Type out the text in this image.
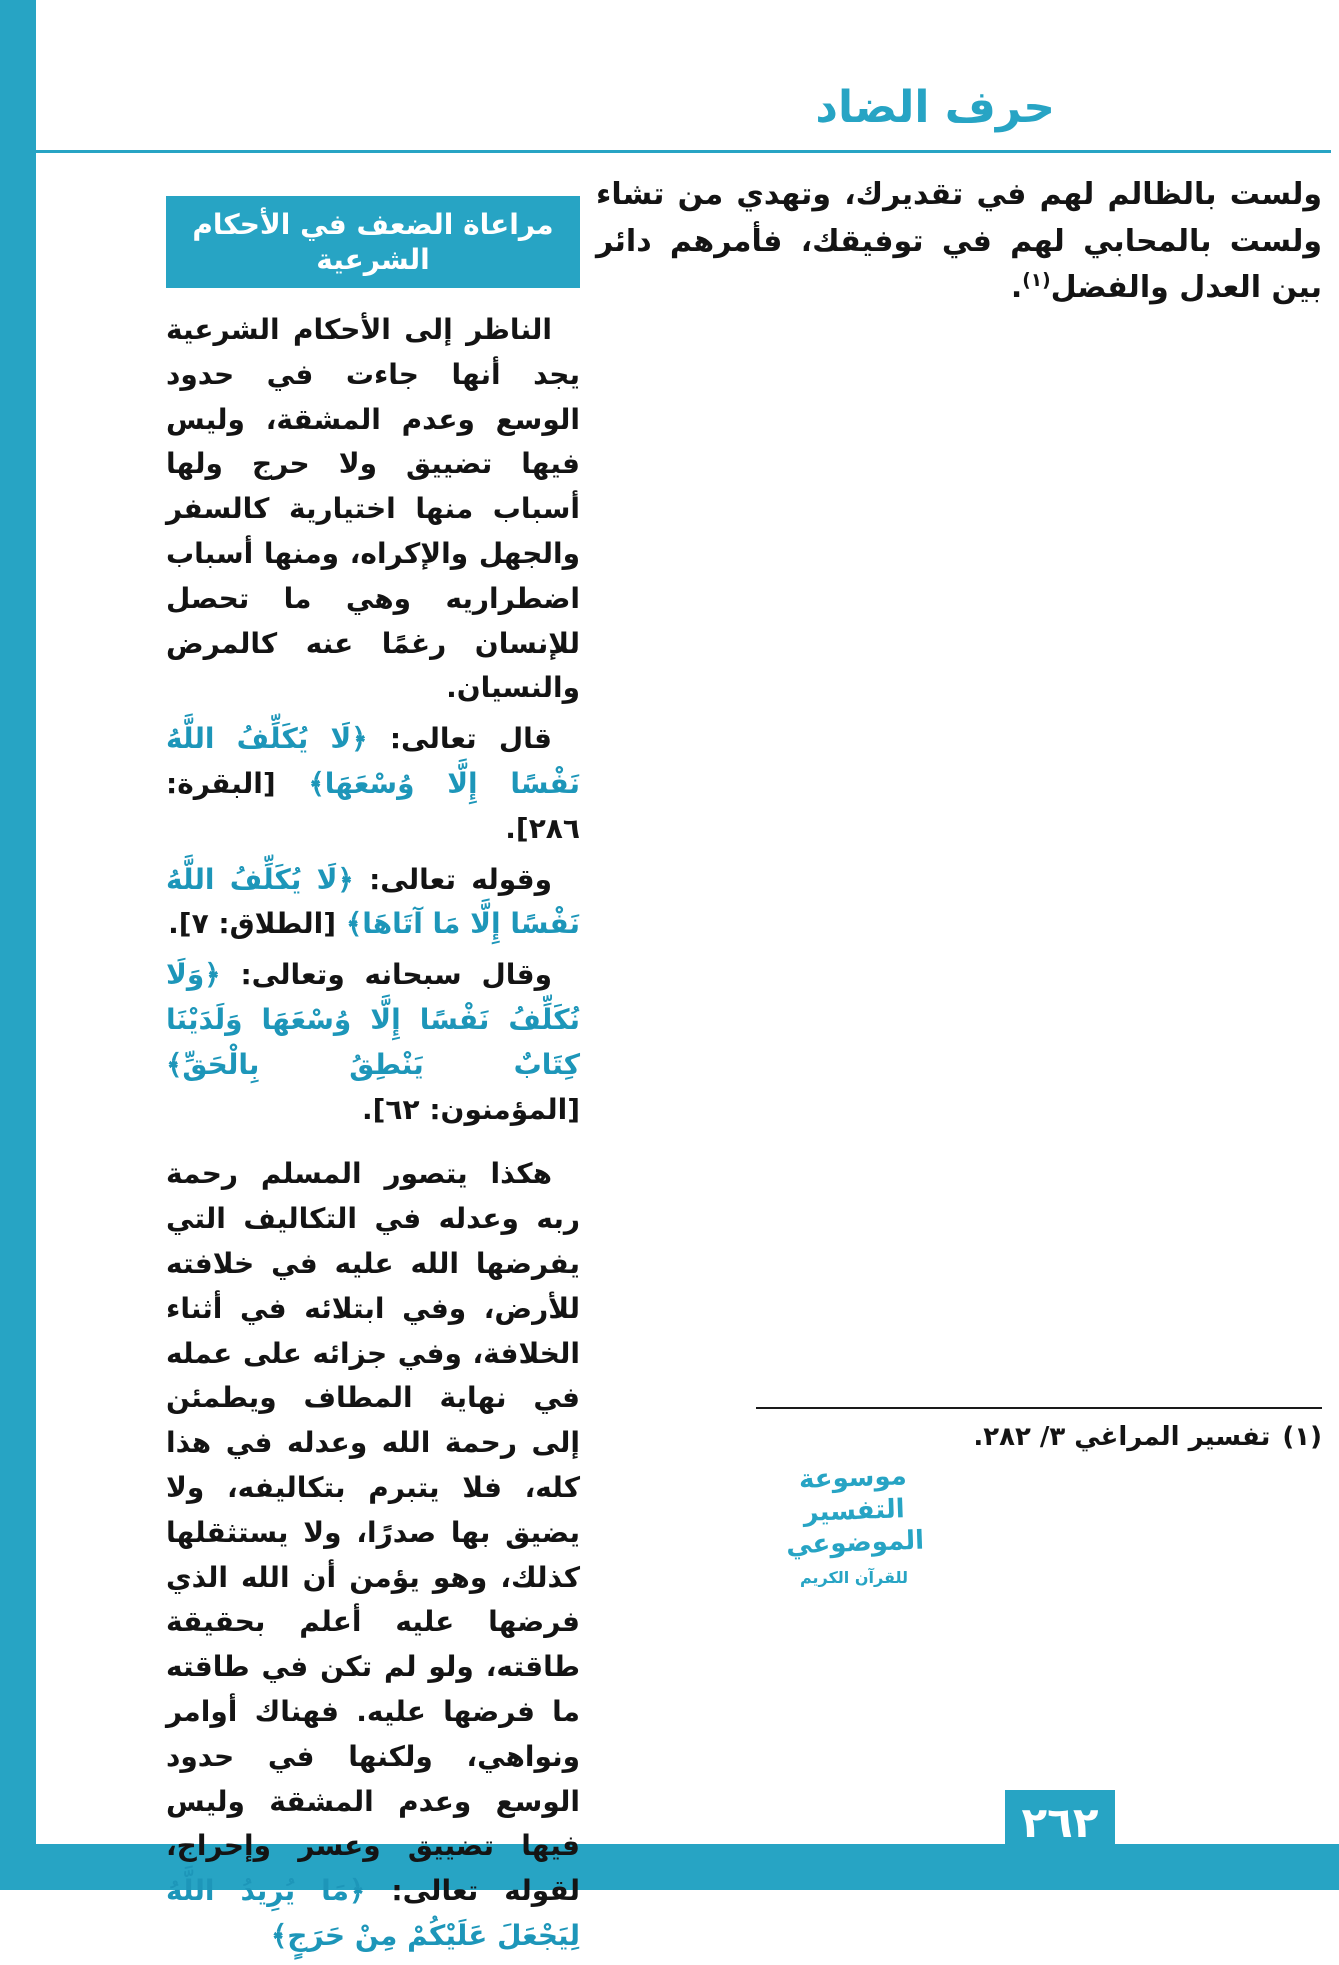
٢٦٢
حرف الضاد

ولست بالظالم لهم في تقديرك، وتهدي من تشاء ولست بالمحابي لهم في توفيقك، فأمرهم دائر بين العدل والفضل$^{(١)}$.

مراعاة الضعف في الأحكام الشرعية

الناظر إلى الأحكام الشرعية يجد أنها جاءت في حدود الوسع وعدم المشقة، وليس فيها تضييق ولا حرج ولها أسباب منها اختيارية كالسفر والجهل والإكراه، ومنها أسباب اضطراريه وهي ما تحصل للإنسان رغمًا عنه كالمرض والنسيان.

قال تعالى: ﴿لَا يُكَلِّفُ اللَّهُ نَفْسًا إِلَّا وُسْعَهَا﴾ [البقرة: ٢٨٦].

وقوله تعالى: ﴿لَا يُكَلِّفُ اللَّهُ نَفْسًا إِلَّا مَا آتَاهَا﴾ [الطلاق: ٧].

وقال سبحانه وتعالى: ﴿وَلَا نُكَلِّفُ نَفْسًا إِلَّا وُسْعَهَا وَلَدَيْنَا كِتَابٌ يَنْطِقُ بِالْحَقِّ﴾ [المؤمنون: ٦٢].

هكذا يتصور المسلم رحمة ربه وعدله في التكاليف التي يفرضها الله عليه في خلافته للأرض، وفي ابتلائه في أثناء الخلافة، وفي جزائه على عمله في نهاية المطاف ويطمئن إلى رحمة الله وعدله في هذا كله، فلا يتبرم بتكاليفه، ولا يضيق بها صدرًا، ولا يستثقلها كذلك، وهو يؤمن أن الله الذي فرضها عليه أعلم بحقيقة طاقته، ولو لم تكن في طاقته ما فرضها عليه. فهناك أوامر ونواهي، ولكنها في حدود الوسع وعدم المشقة وليس فيها تضييق وعسر وإحراج، لقوله تعالى: ﴿مَا يُرِيدُ اللَّهُ لِيَجْعَلَ عَلَيْكُمْ مِنْ حَرَجٍ﴾

(١)تفسير المراغي ٣/ ٢٨٢.
موسوعة التفسير الموضوعي
للقرآن الكريم
